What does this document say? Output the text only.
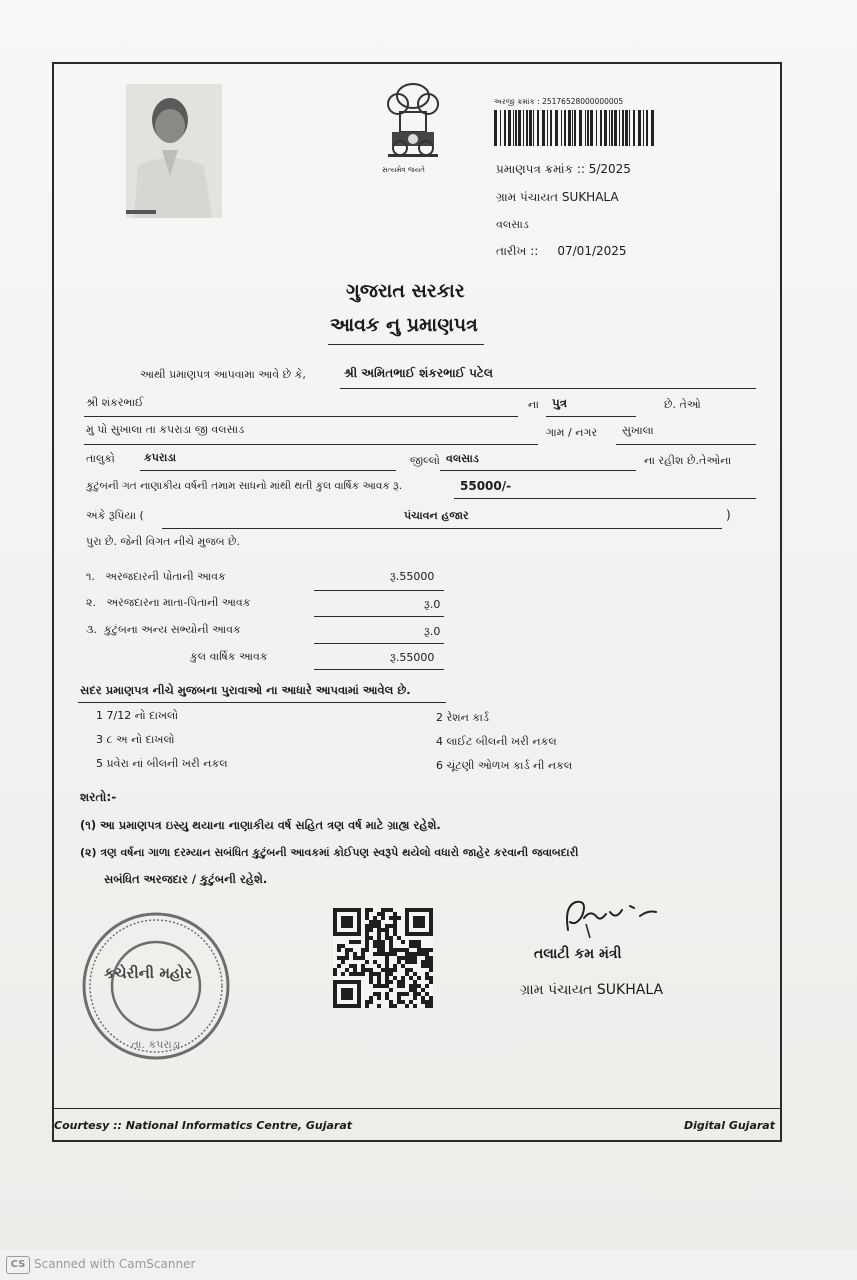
સત્યમેવ જયતે
અરજી ક્રમાંક : 25176528000000005
પ્રમાણપત્ર ક્રમાંક :: 5/2025
ગ્રામ પંચાયત SUKHALA
વલસાડ
તારીખ ::     07/01/2025
ગુજરાત સરકાર
આવક નુ પ્રમાણપત્ર
આથી પ્રમાણપત્ર આપવામા આવે છે કે,	શ્રી અમિતભાઈ શંકરભાઈ પટેલ
શ્રી શંકરભાઈ	ના પુત્ર	છે. તેઓ
મુ પો સુખાલા તા કપરાડા જી વલસાડ	ગામ / નગર સુખાલા
તાલુકો	કપરાડા	જીલ્લો વલસાડ	ના રહીશ છે.તેઓના
કુટુંબની ગત નાણાકીય વર્ષની તમામ સાધનો માંથી થતી કુલ વાર્ષિક આવક રૂ.	55000/-
અંકે રૂપિયા (	પંચાવન હજાર	)
પુરા છે. જેની વિગત નીચે મુજબ છે.
૧.   અરજદારની પોતાની આવક	રૂ.55000
૨.   અરજદારના માતા-પિતાની આવક	રૂ.0
૩.  કુટુંબના અન્ય સભ્યોની આવક	રૂ.0
કુલ વાર્ષિક આવક	રૂ.55000
સદર પ્રમાણપત્ર નીચે મુજબના પુરાવાઓ ના આધારે આપવામાં આવેલ છે.
1 7/12 નો દાખલો	2 રેશન કાર્ડ
3 ૮ અ નો દાખલો	4 લાઈટ બીલની ખરી નકલ
5 પ્રવેરા નાં બીલની ખરી નકલ	6 ચૂંટણી ઓળખ કાર્ડ ની નકલ
શરતો:-
(૧) આ પ્રમાણપત્ર ઇસ્યુ થયાના નાણાકીય વર્ષ સહિત ત્રણ વર્ષ માટે ગ્રાહ્ય રહેશે.
(૨) ત્રણ વર્ષના ગાળા દરમ્યાન સબંધિત કુટુંબની આવકમાં કોઈપણ સ્વરૂપે થયેલો વધારો જાહેર કરવાની જવાબદારી
સબંધિત અરજદાર / કુટુંબની રહેશે.
તા. કપરાડા
કચેરીની મહોર
તલાટી કમ મંત્રી
ગ્રામ પંચાયત SUKHALA
Courtesy :: National Informatics Centre, Gujarat	Digital Gujarat
CS Scanned with CamScanner
